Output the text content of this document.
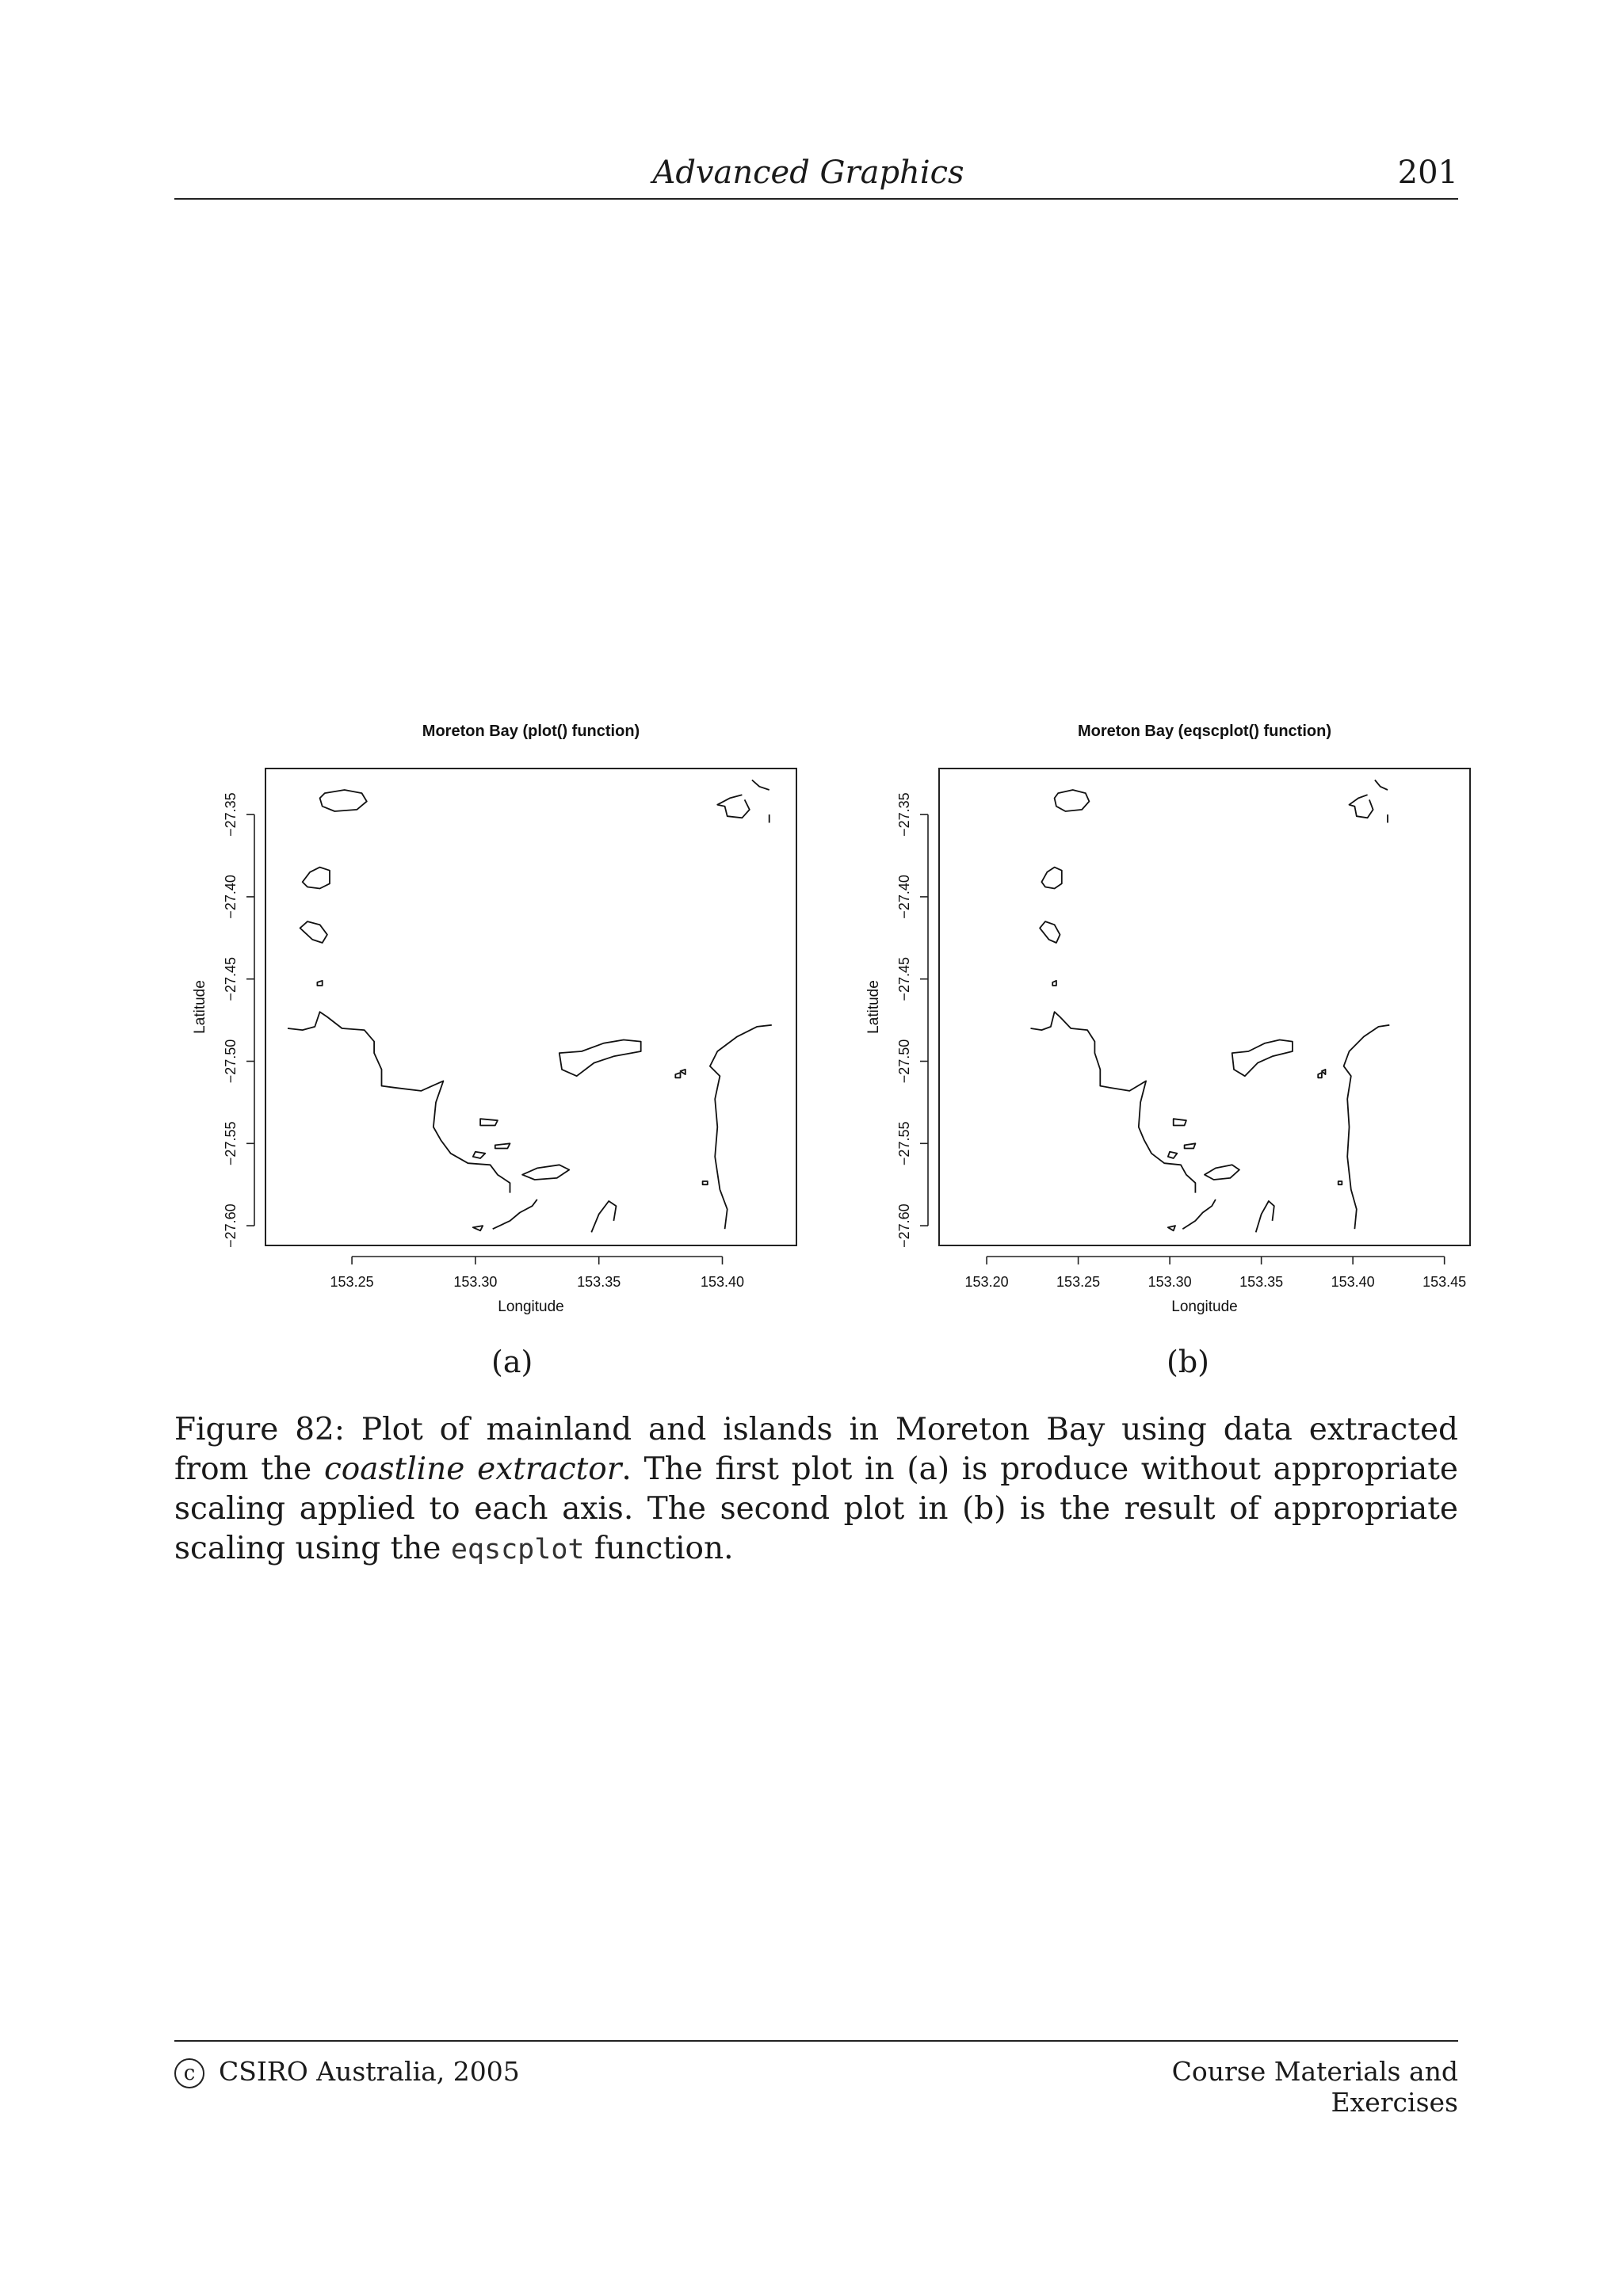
Advanced Graphics	201
Moreton Bay (plot() function)
153.25	153.30	153.35	153.40
−27.35
−27.40
−27.45
−27.50
−27.55
−27.60
Longitude
Latitude
Moreton Bay (eqscplot() function)
153.20	153.25	153.30	153.35	153.40	153.45
−27.35
−27.40
−27.45
−27.50
−27.55
−27.60
Longitude
Latitude
(a)	(b)
Figure 82: Plot of mainland and islands in Moreton Bay using data extracted from the coastline extractor. The first plot in (a) is produce without appropriate scaling applied to each axis. The second plot in (b) is the result of appropriate scaling using the eqscplot function.
c CSIRO Australia, 2005	Course Materials and Exercises
